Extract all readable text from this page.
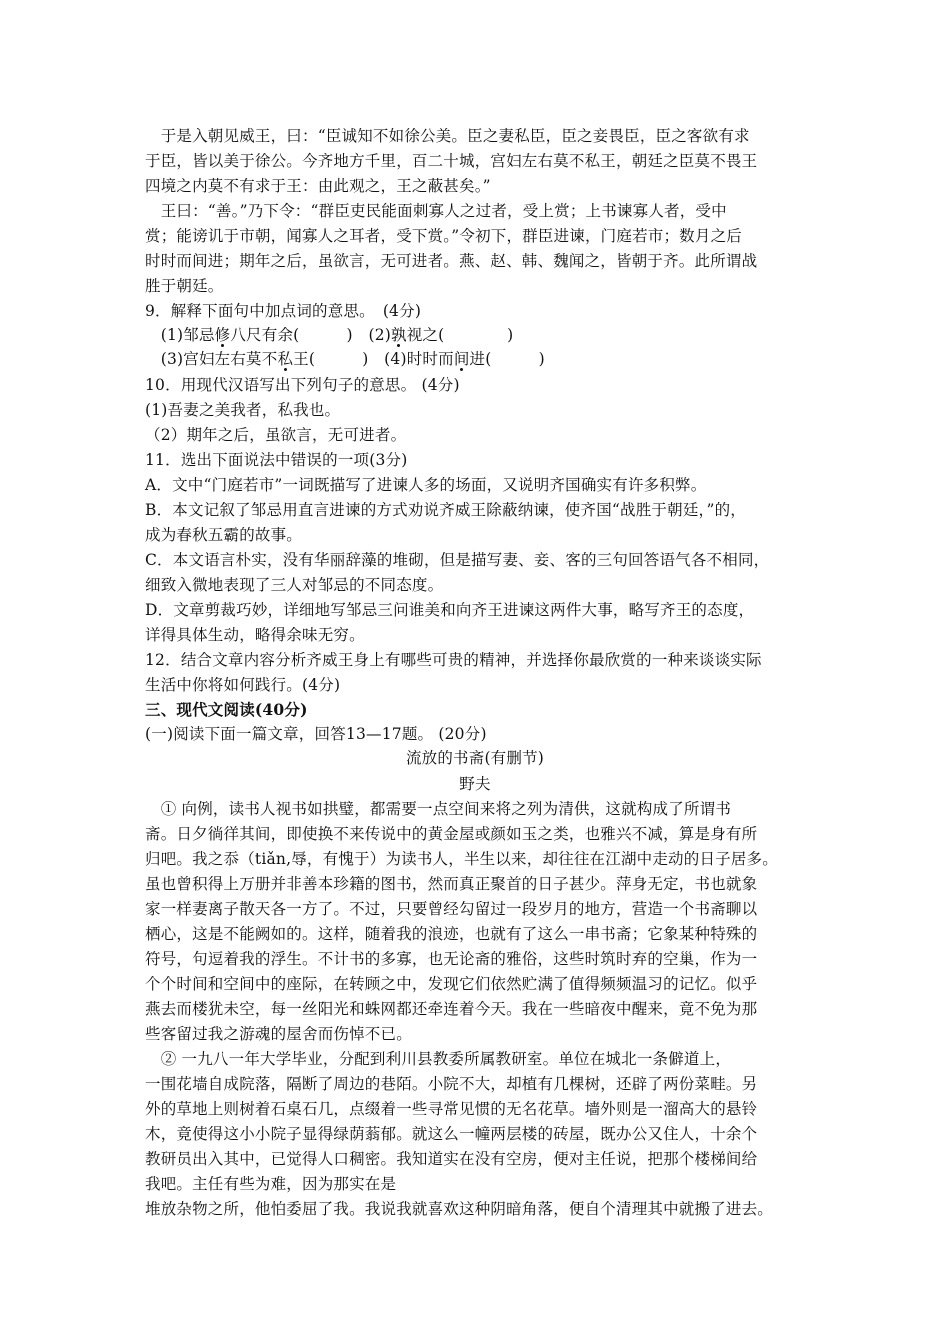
　于是入朝见威王，曰：“臣诚知不如徐公美。臣之妻私臣，臣之妾畏臣，臣之客欲有求
于臣，皆以美于徐公。今齐地方千里，百二十城，宫妇左右莫不私王，朝廷之臣莫不畏王
四境之内莫不有求于王：由此观之，王之蔽甚矣。”
　王曰：“善。”乃下令：“群臣吏民能面刺寡人之过者，受上赏；上书谏寡人者，受中
赏；能谤讥于市朝，闻寡人之耳者，受下赏。”令初下，群臣进谏，门庭若市；数月之后
时时而间进；期年之后，虽欲言，无可进者。燕、赵、韩、魏闻之，皆朝于齐。此所谓战
胜于朝廷。
9．解释下面句中加点词的意思。　(4分)
　(1)邹忌修八尺有余(　　　)　(2)孰视之(　　　　)
　(3)宫妇左右莫不私王(　　　)　(4)时时而间进(　　　)
10．用现代汉语写出下列句子的意思。 (4分)
(1)吾妻之美我者，私我也。
（2）期年之后，虽欲言，无可进者。
11．选出下面说法中错误的一项(3分)
A．文中“门庭若市”一词既描写了进谏人多的场面，又说明齐国确实有许多积弊。
B．本文记叙了邹忌用直言进谏的方式劝说齐威王除蔽纳谏，使齐国“战胜于朝廷，”的，
成为春秋五霸的故事。
C．本文语言朴实，没有华丽辞藻的堆砌，但是描写妻、妾、客的三句回答语气各不相同，
细致入微地表现了三人对邹忌的不同态度。
D．文章剪裁巧妙，详细地写邹忌三问谁美和向齐王进谏这两件大事，略写齐王的态度，
详得具体生动，略得余味无穷。
12．结合文章内容分析齐威王身上有哪些可贵的精神，并选择你最欣赏的一种来谈谈实际
生活中你将如何践行。(4分)
三、现代文阅读(40分)
(一)阅读下面一篇文章，回答13—17题。 (20分)
流放的书斋(有删节)
野夫
　① 向例，读书人视书如拱璧，都需要一点空间来将之列为清供，这就构成了所谓书
斋。日夕徜徉其间，即使换不来传说中的黄金屋或颜如玉之类，也雅兴不减，算是身有所
归吧。我之忝（tiǎn,辱，有愧于）为读书人，半生以来，却往往在江湖中走动的日子居多。
虽也曾积得上万册并非善本珍籍的图书，然而真正聚首的日子甚少。萍身无定，书也就象
家一样妻离子散天各一方了。不过，只要曾经勾留过一段岁月的地方，营造一个书斋聊以
栖心，这是不能阙如的。这样，随着我的浪迹，也就有了这么一串书斋；它象某种特殊的
符号，句逗着我的浮生。不计书的多寡，也无论斋的雅俗，这些时筑时弃的空巢，作为一
个个时间和空间中的座际，在转顾之中，发现它们依然贮满了值得频频温习的记忆。似乎
燕去而楼犹未空，每一丝阳光和蛛网都还牵连着今天。我在一些暗夜中醒来，竟不免为那
些客留过我之游魂的屋舍而伤悼不已。
　② 一九八一年大学毕业，分配到利川县教委所属教研室。单位在城北一条僻道上，
一围花墙自成院落，隔断了周边的巷陌。小院不大，却植有几棵树，还辟了两份菜畦。另
外的草地上则树着石桌石几，点缀着一些寻常见惯的无名花草。墙外则是一溜高大的悬铃
木，竟使得这小小院子显得绿荫蓊郁。就这么一幢两层楼的砖屋，既办公又住人，十余个
教研员出入其中，已觉得人口稠密。我知道实在没有空房，便对主任说，把那个楼梯间给
我吧。主任有些为难，因为那实在是
堆放杂物之所，他怕委屈了我。我说我就喜欢这种阴暗角落，便自个清理其中就搬了进去。
